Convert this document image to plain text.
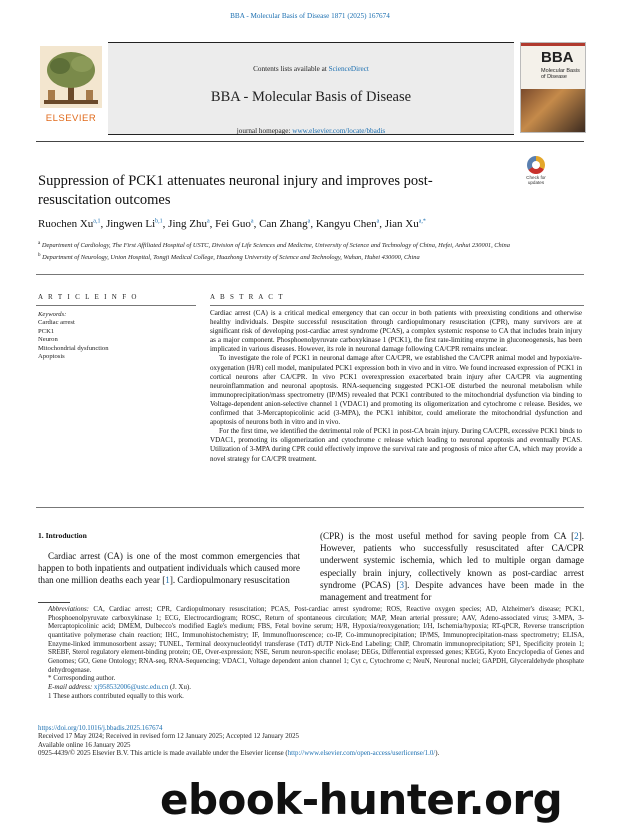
BBA - Molecular Basis of Disease 1871 (2025) 167674
ELSEVIER
Contents lists available at ScienceDirect
BBA - Molecular Basis of Disease
journal homepage: www.elsevier.com/locate/bbadis
BBA
Molecular Basis of Disease
Check for updates
Suppression of PCK1 attenuates neuronal injury and improves post-resuscitation outcomes
Ruochen Xu$^{a,1}$, Jingwen Li$^{b,1}$, Jing Zhu$^a$, Fei Guo$^a$, Can Zhang$^a$, Kangyu Chen$^a$, Jian $Xu^{a,*}$
$^a$ Department of Cardiology, The First Affiliated Hospital of USTC, Division of Life Sciences and Medicine, University of Science and Technology of China, Hefei, Anhui 230001, China
$^b$ Department of Neurology, Union Hospital, Tongji Medical College, Huazhong University of Science and Technology, Wuhan, Hubei 430000, China
A R T I C L E I N F O	A B S T R A C T
Keywords:
Cardiac arrest
PCK1
Neuron
Mitochondrial dysfunction
Apoptosis

Cardiac arrest (CA) is a critical medical emergency that can occur in both patients with preexisting conditions and otherwise healthy individuals. Despite successful resuscitation through cardiopulmonary resuscitation (CPR), many survivors are at significant risk of developing post-cardiac arrest syndrome (PCAS), a complex systemic response to CA that includes brain injury as a major component. Phosphoenolpyruvate carboxykinase 1 (PCK1), the first rate-limiting enzyme in gluconeogenesis, has been implicated in various diseases. However, its role in neuronal damage following CA/CPR remains unclear.

To investigate the role of PCK1 in neuronal damage after CA/CPR, we established the CA/CPR animal model and hypoxia/re-oxygenation (H/R) cell model, manipulated PCK1 expression both in vivo and in vitro. We found increased expression of PCK1 in cortical neurons after CA/CPR. In vivo PCK1 overexpression exacerbated brain injury after CA/CPR via augmenting neuroinflammation and neuronal apoptosis. RNA-sequencing suggested PCK1-OE disturbed the neuronal metabolism while immunoprecipitation/mass spectrometry (IP/MS) revealed that PCK1 contributed to the mitochondrial dysfunction via binding to Voltage-dependent anion-selective channel 1 (VDAC1) and promoting its oligomerization and cytochrome c release. Besides, we confirmed that 3-Mercaptopicolinic acid (3-MPA), the PCK1 inhibitor, could ameliorate the mitochondrial dysfunction and apoptosis of neurons both in vitro and in vivo.

For the first time, we identified the detrimental role of PCK1 in post-CA brain injury. During CA/CPR, excessive PCK1 binds to VDAC1, promoting its oligomerization and cytochrome c release which leading to neuronal apoptosis and eventually PCAS. Utilization of 3-MPA during CPR could effectively improve the survival rate and prognosis of mice after CA, which may provide a novel strategy for CA/CPR treatment.

1. Introduction
Cardiac arrest (CA) is one of the most common emergencies that happen to both inpatients and outpatient individuals which caused more than one million deaths each year [1]. Cardiopulmonary resuscitation
(CPR) is the most useful method for saving people from CA [2]. However, patients who successfully resuscitated after CA/CPR underwent systemic ischemia, which led to multiple organ damage especially brain injury, collectively known as post-cardiac arrest syndrome (PCAS) [3]. Despite advances have been made in the management and treatment for

Abbreviations: CA, Cardiac arrest; CPR, Cardiopulmonary resuscitation; PCAS, Post-cardiac arrest syndrome; ROS, Reactive oxygen species; AD, Alzheimer's disease; PCK1, Phosphoenolpyruvate carboxykinase 1; ECG, Electrocardiogram; ROSC, Return of spontaneous circulation; MAP, Mean arterial pressure; AAV, Adeno-associated virus; 3-MPA, 3-Mercaptopicolinic acid; DMEM, Dulbecco's modified Eagle's medium; FBS, Fetal bovine serum; H/R, Hypoxia/reoxygenation; I/H, Ischemia/hypoxia; RT-qPCR, Reverse transcription quantitative polymerase chain reaction; IHC, Immunohistochemistry; IF, Immunofluorescence; co-IP, Co-immunoprecipitation; IP/MS, Immunoprecipitation-mass spectrometry; ELISA, Enzyme-linked immunosorbent assay; TUNEL, Terminal deoxynucleotidyl transferase (TdT) dUTP Nick-End Labeling; ChIP, Chromatin immunoprecipitation; SP1, Specificity protein 1; SREBF, Sterol regulatory element-binding protein; OE, Over-expression; NSE, Serum neuron-specific enolase; DEGs, Differential expressed genes; KEGG, Kyoto Encyclopedia of Genes and Genomes; GO, Gene Ontology; RNA-seq, RNA-Sequencing; VDAC1, Voltage dependent anion channel 1; Cyt c, Cytochrome c; NeuN, Neuronal nuclei; GAPDH, Glyceraldehyde phosphate dehydrogenase.

* Corresponding author.

E-mail address: xj958532006@ustc.edu.cn (J. Xu).

1 These authors contributed equally to this work.

https://doi.org/10.1016/j.bbadis.2025.167674

Received 17 May 2024; Received in revised form 12 January 2025; Accepted 12 January 2025

Available online 16 January 2025

0925-4439/© 2025 Elsevier B.V. This article is made available under the Elsevier license (http://www.elsevier.com/open-access/userlicense/1.0/).

ebook-hunter.org
